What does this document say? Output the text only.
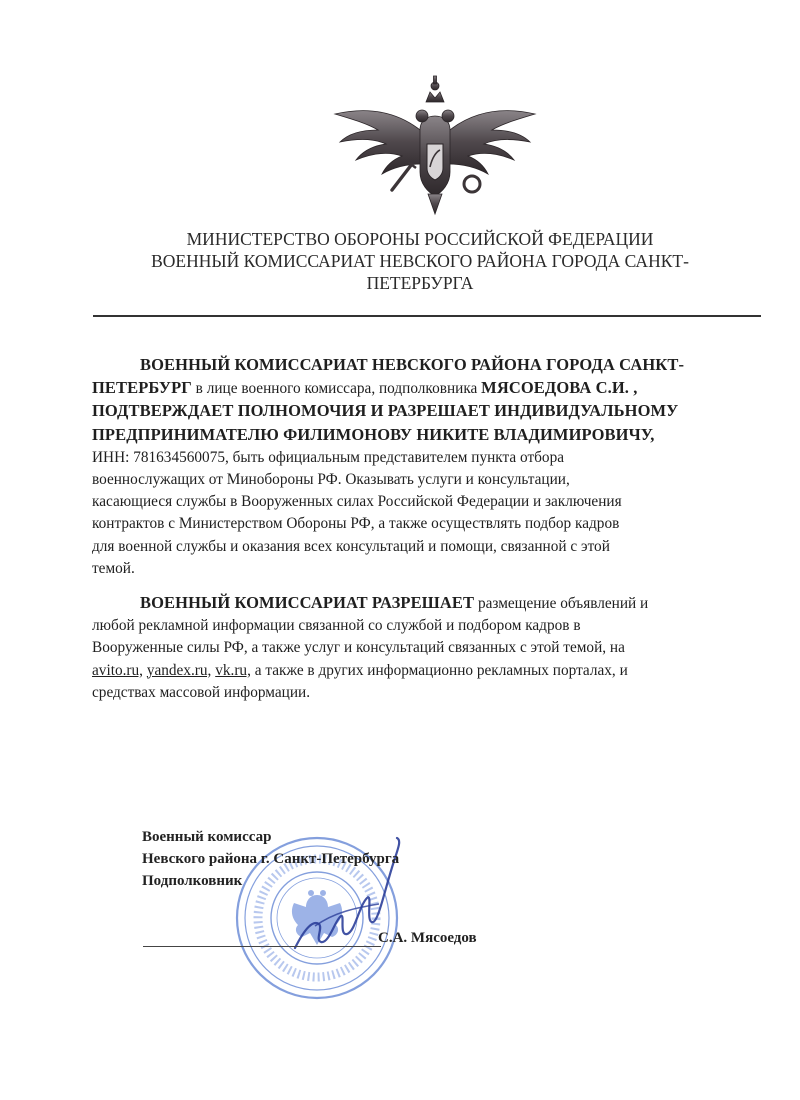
МИНИСТЕРСТВО ОБОРОНЫ РОССИЙСКОЙ ФЕДЕРАЦИИ
ВОЕННЫЙ КОМИССАРИАТ НЕВСКОГО РАЙОНА ГОРОДА САНКТ-
ПЕТЕРБУРГА
ВОЕННЫЙ КОМИССАРИАТ НЕВСКОГО РАЙОНА ГОРОДА САНКТ-
ПЕТЕРБУРГ в лице военного комиссара, подполковника МЯСОЕДОВА С.И. ,
ПОДТВЕРЖДАЕТ ПОЛНОМОЧИЯ И РАЗРЕШАЕТ ИНДИВИДУАЛЬНОМУ
ПРЕДПРИНИМАТЕЛЮ ФИЛИМОНОВУ НИКИТЕ ВЛАДИМИРОВИЧУ,
ИНН: 781634560075, быть официальным представителем пункта отбора
военнослужащих от Минобороны РФ. Оказывать услуги и консультации,
касающиеся службы в Вооруженных силах Российской Федерации и заключения
контрактов с Министерством Обороны РФ, а также осуществлять подбор кадров
для военной службы и оказания всех консультаций и помощи, связанной с этой
темой.
ВОЕННЫЙ КОМИССАРИАТ РАЗРЕШАЕТ размещение объявлений и
любой рекламной информации связанной со службой и подбором кадров в
Вооруженные силы РФ, а также услуг и консультаций связанных с этой темой, на
avito.ru, yandex.ru, vk.ru, а также в других информационно рекламных порталах, и
средствах массовой информации.
Военный комиссар
Невского района г. Санкт-Петербурга
Подполковник
С.А. Мясоедов
